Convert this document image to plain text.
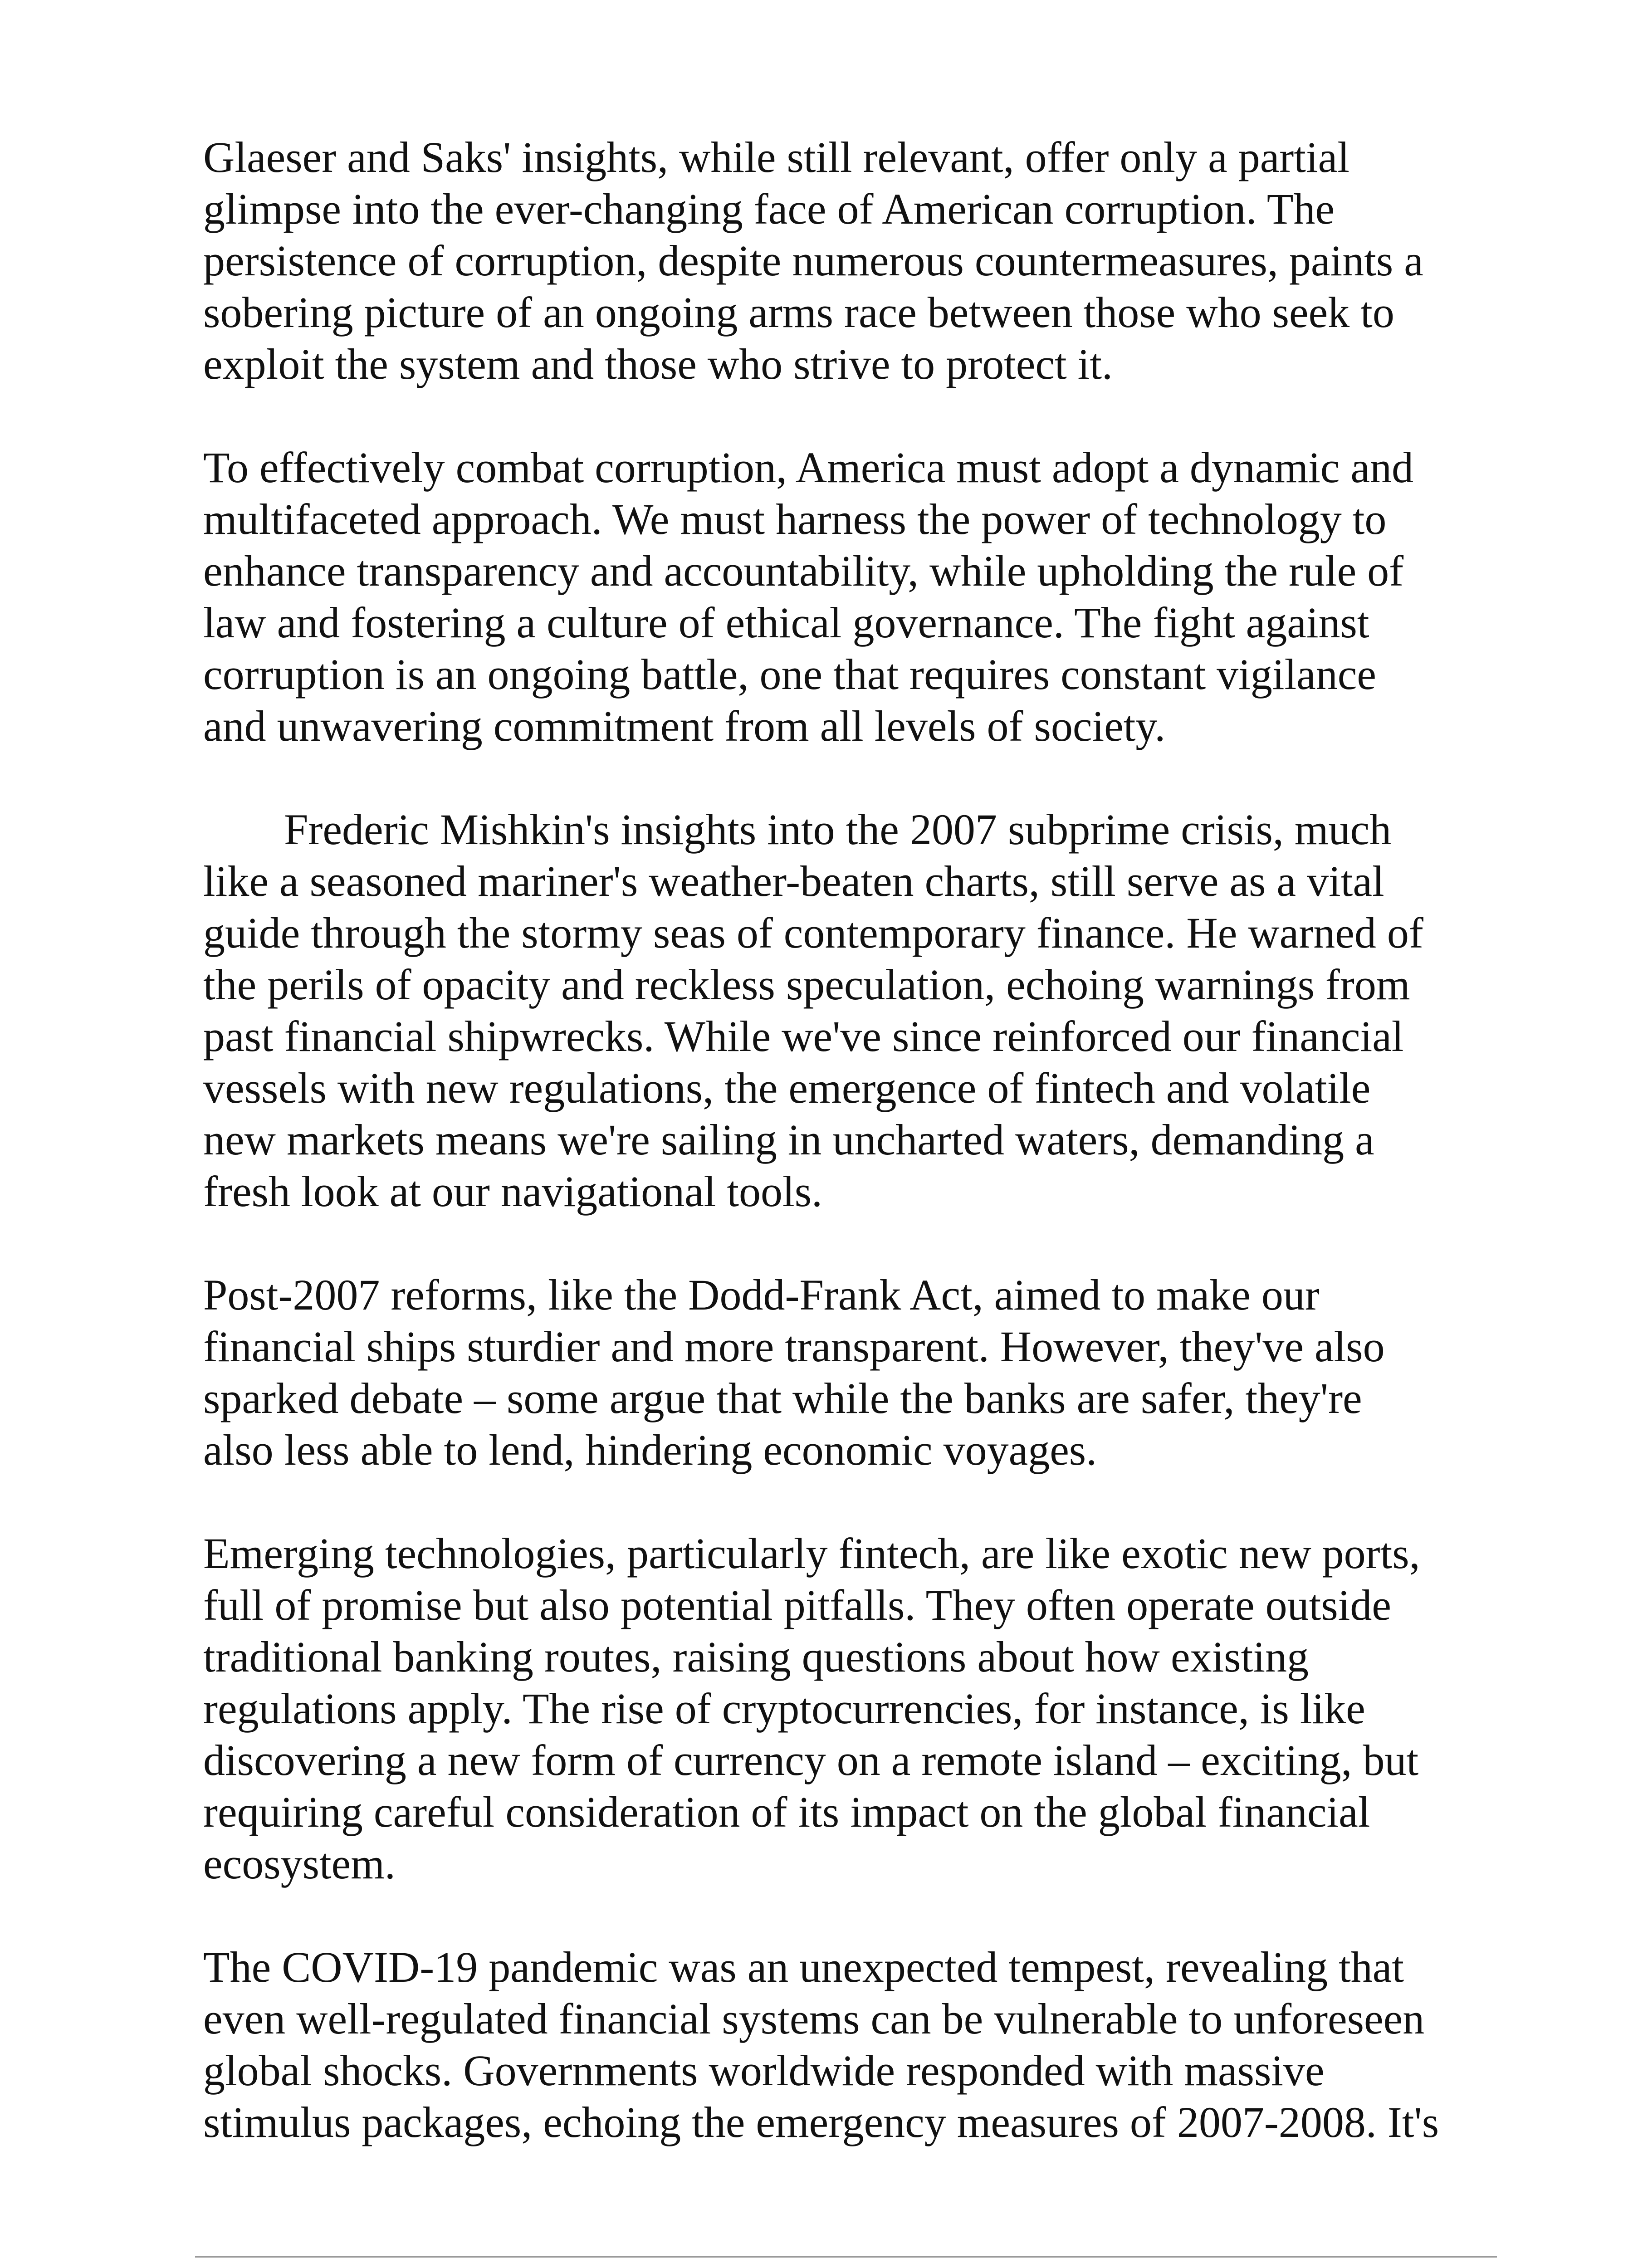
Glaeser and Saks' insights, while still relevant, offer only a partial
glimpse into the ever-changing face of American corruption. The
persistence of corruption, despite numerous countermeasures, paints a
sobering picture of an ongoing arms race between those who seek to
exploit the system and those who strive to protect it.

To effectively combat corruption, America must adopt a dynamic and
multifaceted approach. We must harness the power of technology to
enhance transparency and accountability, while upholding the rule of
law and fostering a culture of ethical governance. The fight against
corruption is an ongoing battle, one that requires constant vigilance
and unwavering commitment from all levels of society.

Frederic Mishkin's insights into the 2007 subprime crisis, much
like a seasoned mariner's weather-beaten charts, still serve as a vital
guide through the stormy seas of contemporary finance. He warned of
the perils of opacity and reckless speculation, echoing warnings from
past financial shipwrecks. While we've since reinforced our financial
vessels with new regulations, the emergence of fintech and volatile
new markets means we're sailing in uncharted waters, demanding a
fresh look at our navigational tools.

Post-2007 reforms, like the Dodd-Frank Act, aimed to make our
financial ships sturdier and more transparent. However, they've also
sparked debate – some argue that while the banks are safer, they're
also less able to lend, hindering economic voyages.

Emerging technologies, particularly fintech, are like exotic new ports,
full of promise but also potential pitfalls. They often operate outside
traditional banking routes, raising questions about how existing
regulations apply. The rise of cryptocurrencies, for instance, is like
discovering a new form of currency on a remote island – exciting, but
requiring careful consideration of its impact on the global financial
ecosystem.

The COVID-19 pandemic was an unexpected tempest, revealing that
even well-regulated financial systems can be vulnerable to unforeseen
global shocks. Governments worldwide responded with massive
stimulus packages, echoing the emergency measures of 2007-2008. It's
